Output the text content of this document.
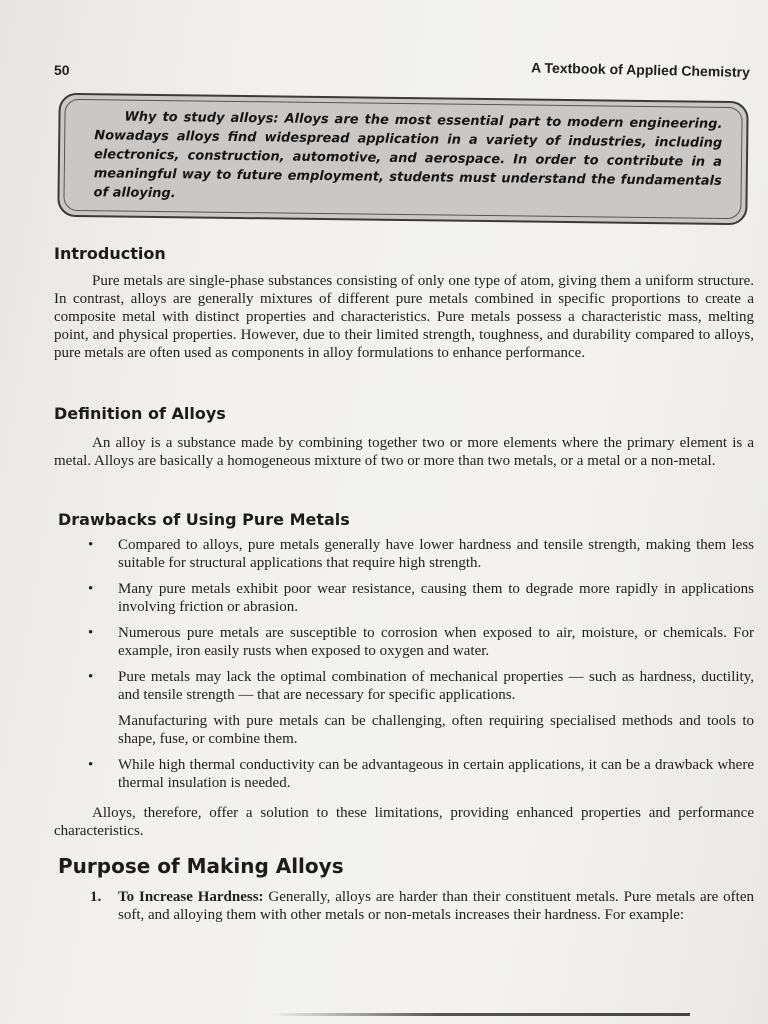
50	A Textbook of Applied Chemistry
Why to study alloys: Alloys are the most essential part to modern engineering. Nowadays alloys find widespread application in a variety of industries, including electronics, construction, automotive, and aerospace. In order to contribute in a meaningful way to future employment, students must understand the fundamentals of alloying.
Introduction
Pure metals are single-phase substances consisting of only one type of atom, giving them a uniform structure. In contrast, alloys are generally mixtures of different pure metals combined in specific proportions to create a composite metal with distinct properties and characteristics. Pure metals possess a characteristic mass, melting point, and physical properties. However, due to their limited strength, toughness, and durability compared to alloys, pure metals are often used as components in alloy formulations to enhance performance.
Definition of Alloys
An alloy is a substance made by combining together two or more elements where the primary element is a metal. Alloys are basically a homogeneous mixture of two or more than two metals, or a metal or a non-metal.
Drawbacks of Using Pure Metals
• Compared to alloys, pure metals generally have lower hardness and tensile strength, making them less suitable for structural applications that require high strength.
• Many pure metals exhibit poor wear resistance, causing them to degrade more rapidly in applications involving friction or abrasion.
• Numerous pure metals are susceptible to corrosion when exposed to air, moisture, or chemicals. For example, iron easily rusts when exposed to oxygen and water.
• Pure metals may lack the optimal combination of mechanical properties — such as hardness, ductility, and tensile strength — that are necessary for specific applications.
Manufacturing with pure metals can be challenging, often requiring specialised methods and tools to shape, fuse, or combine them.
• While high thermal conductivity can be advantageous in certain applications, it can be a drawback where thermal insulation is needed.
Alloys, therefore, offer a solution to these limitations, providing enhanced properties and performance characteristics.
Purpose of Making Alloys
1.	To Increase Hardness: Generally, alloys are harder than their constituent metals. Pure metals are often soft, and alloying them with other metals or non-metals increases their hardness. For example:
